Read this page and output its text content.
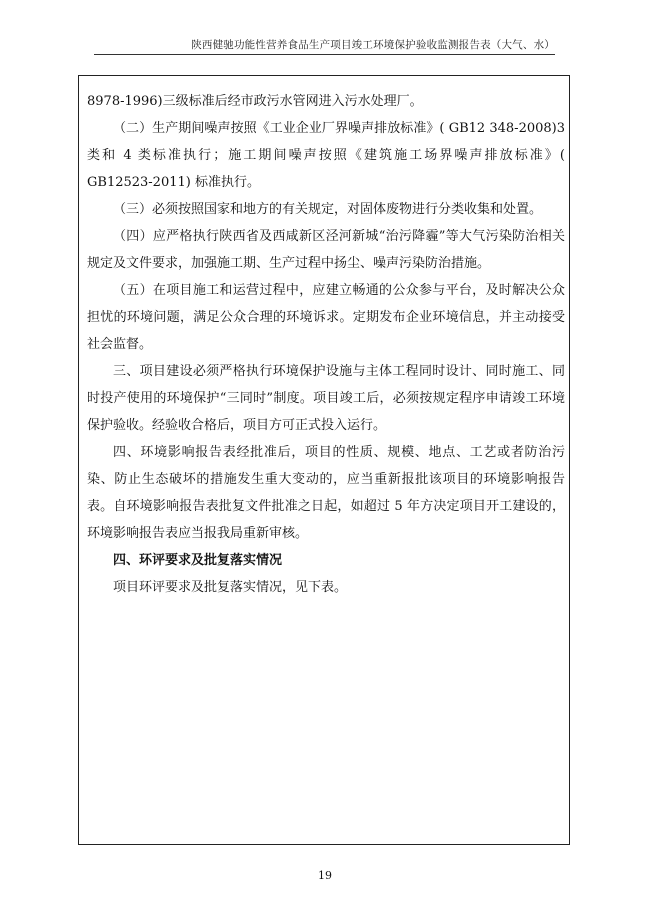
陕西健驰功能性营养食品生产项目竣工环境保护验收监测报告表（大气、水）

8978-1996)三级标准后经市政污水管网进入污水处理厂。

（二）生产期间噪声按照《工业企业厂界噪声排放标准》( GB12 348-2008)3 类和 4 类标准执行；施工期间噪声按照《建筑施工场界噪声排放标准》( GB12523-2011) 标准执行。

（三）必须按照国家和地方的有关规定，对固体废物进行分类收集和处置。

（四）应严格执行陕西省及西咸新区泾河新城“治污降霾”等大气污染防治相关规定及文件要求，加强施工期、生产过程中扬尘、噪声污染防治措施。

（五）在项目施工和运营过程中，应建立畅通的公众参与平台，及时解决公众担忧的环境问题，满足公众合理的环境诉求。定期发布企业环境信息，并主动接受社会监督。

三、项目建设必须严格执行环境保护设施与主体工程同时设计、同时施工、同时投产使用的环境保护“三同时”制度。项目竣工后，必须按规定程序申请竣工环境保护验收。经验收合格后，项目方可正式投入运行。

四、环境影响报告表经批准后，项目的性质、规模、地点、工艺或者防治污染、防止生态破坏的措施发生重大变动的，应当重新报批该项目的环境影响报告表。自环境影响报告表批复文件批准之日起，如超过 5 年方决定项目开工建设的，环境影响报告表应当报我局重新审核。

四、环评要求及批复落实情况

项目环评要求及批复落实情况，见下表。

19
